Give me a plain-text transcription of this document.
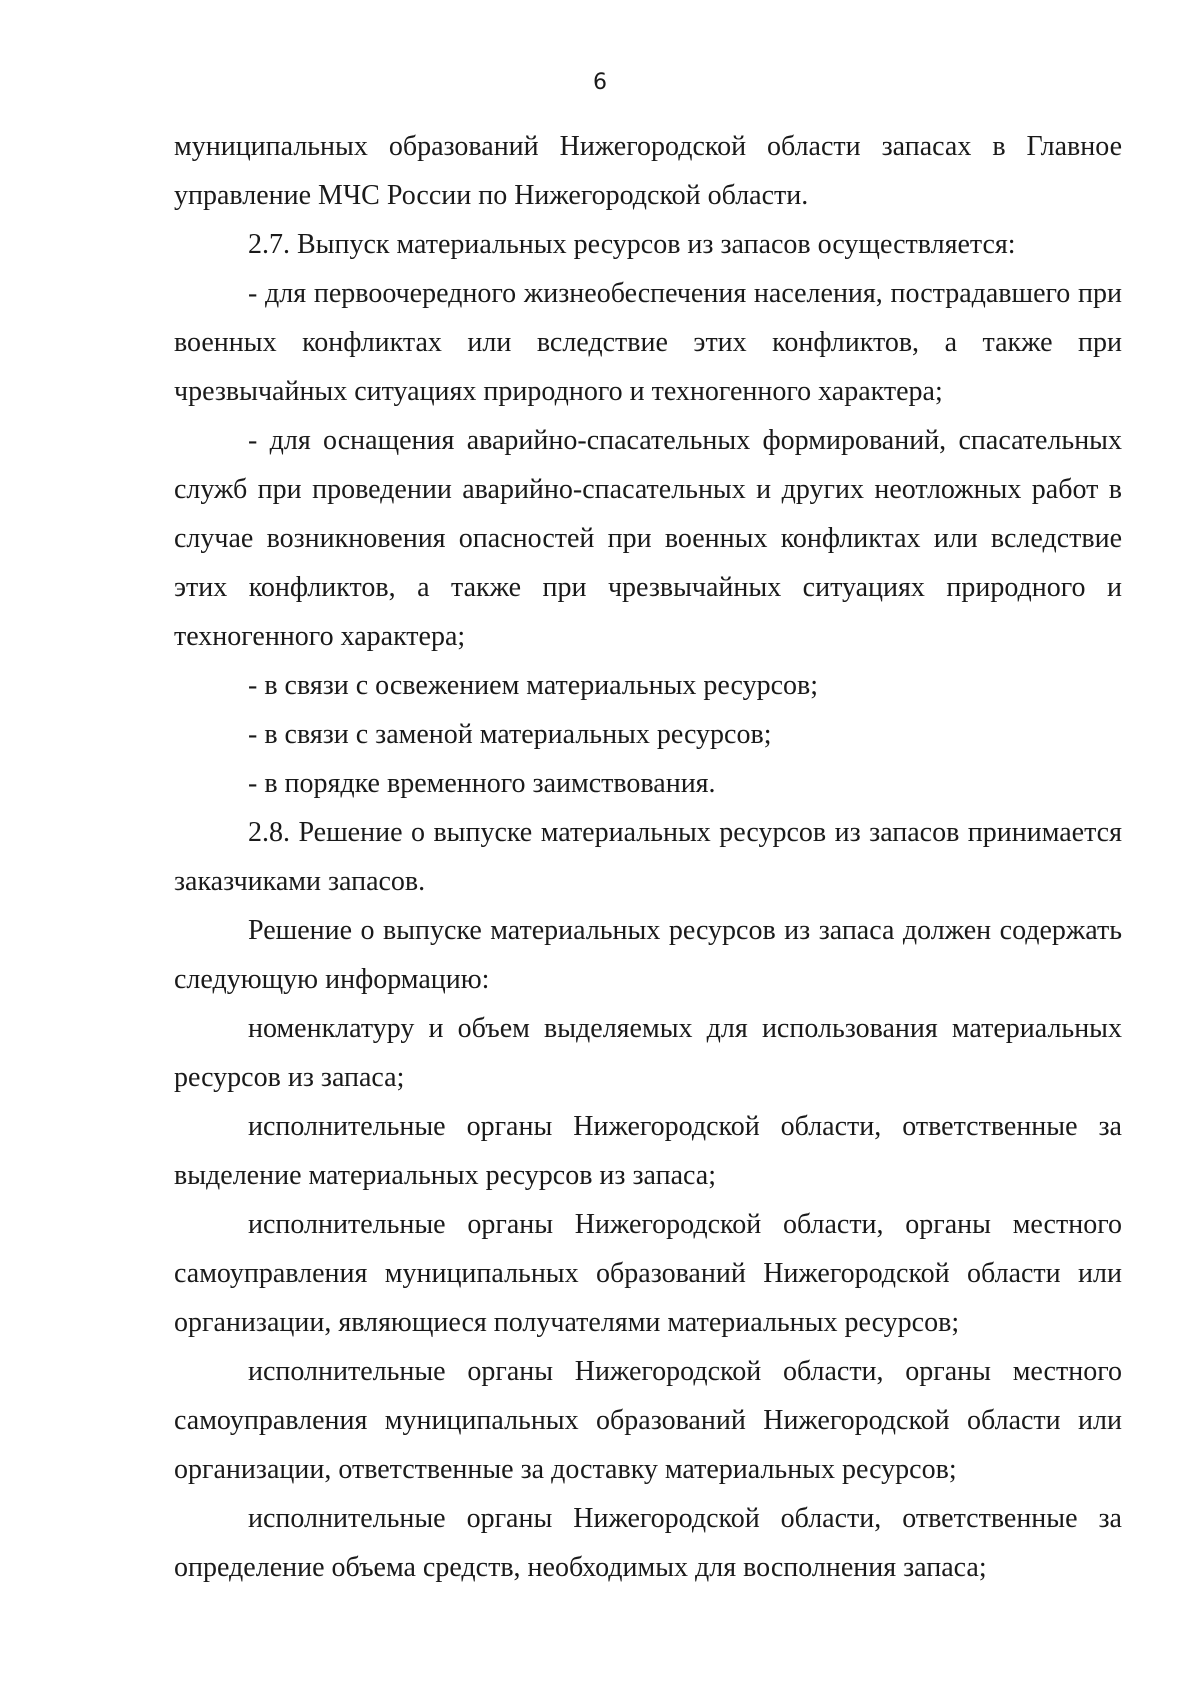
6

муниципальных образований Нижегородской области запасах в Главное управление МЧС России по Нижегородской области.

2.7. Выпуск материальных ресурсов из запасов осуществляется:

- для первоочередного жизнеобеспечения населения, пострадавшего при военных конфликтах или вследствие этих конфликтов, а также при чрезвычайных ситуациях природного и техногенного характера;

- для оснащения аварийно-спасательных формирований, спасательных служб при проведении аварийно-спасательных и других неотложных работ в случае возникновения опасностей при военных конфликтах или вследствие этих конфликтов, а также при чрезвычайных ситуациях природного и техногенного характера;

- в связи с освежением материальных ресурсов;

- в связи с заменой материальных ресурсов;

- в порядке временного заимствования.

2.8. Решение о выпуске материальных ресурсов из запасов принимается заказчиками запасов.

Решение о выпуске материальных ресурсов из запаса должен содержать следующую информацию:

номенклатуру и объем выделяемых для использования материальных ресурсов из запаса;

исполнительные органы Нижегородской области, ответственные за выделение материальных ресурсов из запаса;

исполнительные органы Нижегородской области, органы местного самоуправления муниципальных образований Нижегородской области или организации, являющиеся получателями материальных ресурсов;

исполнительные органы Нижегородской области, органы местного самоуправления муниципальных образований Нижегородской области или организации, ответственные за доставку материальных ресурсов;

исполнительные органы Нижегородской области, ответственные за определение объема средств, необходимых для восполнения запаса;
